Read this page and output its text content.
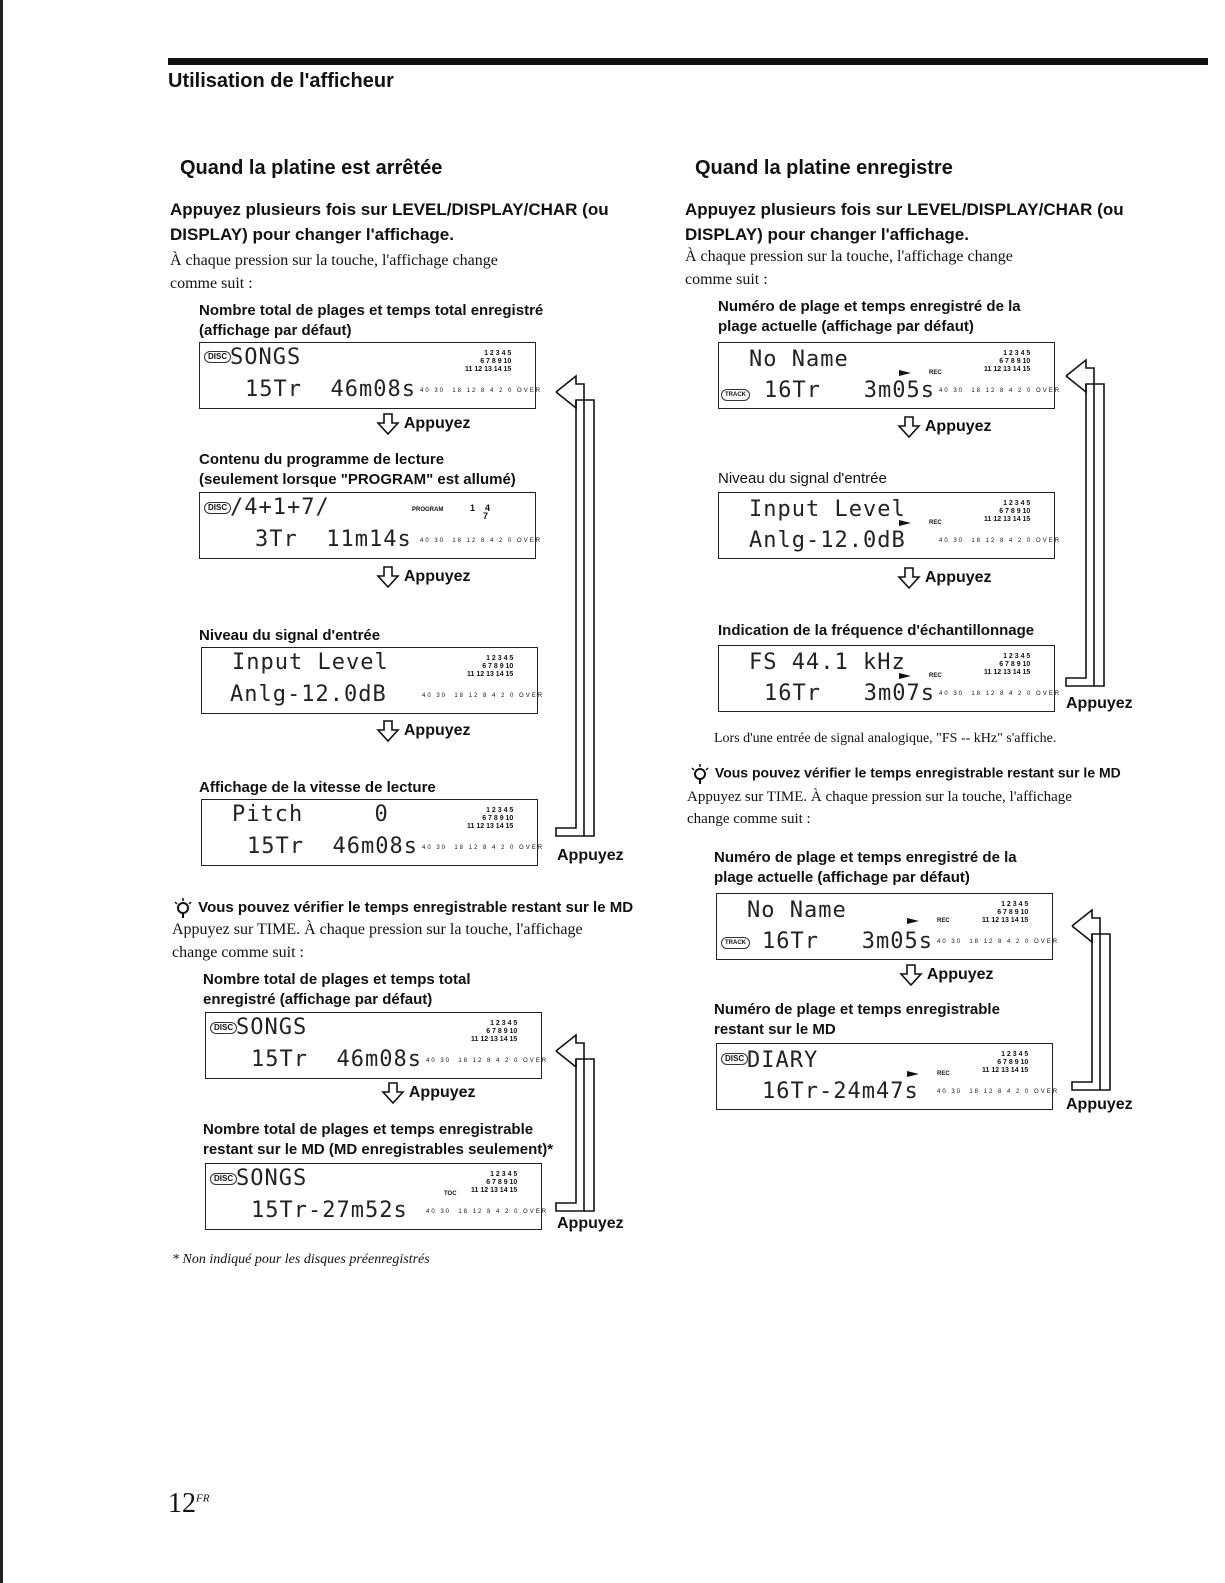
Utilisation de l'afficheur
Quand la platine est arrêtée
Appuyez plusieurs fois sur LEVEL/DISPLAY/CHAR (ou DISPLAY) pour changer l'affichage.
À chaque pression sur la touche, l'affichage change
comme suit :
Nombre total de plages et temps total enregistré
(affichage par défaut)
DISC SONGS	1 2 3 4 5
6 7 8 9 10
11 12 13 14 15
15Tr  46m08s 40 30  18 12 8 4 2 0 OVER
Appuyez
Contenu du programme de lecture
(seulement lorsque "PROGRAM" est allumé)
DISC /4+1+7/	PROGRAM	1    4
7
3Tr  11m14s 40 30  18 12 8 4 2 0 OVER
Appuyez
Niveau du signal d'entrée
Input Level	1 2 3 4 5
6 7 8 9 10
11 12 13 14 15
Anlg-12.0dB	40 30  18 12 8 4 2 0 OVER
Appuyez
Affichage de la vitesse de lecture
Pitch     0	1 2 3 4 5
6 7 8 9 10
11 12 13 14 15
15Tr  46m08s 40 30  18 12 8 4 2 0 OVER Appuyez
Vous pouvez vérifier le temps enregistrable restant sur le MD
Appuyez sur TIME. À chaque pression sur la touche, l'affichage
change comme suit :
Nombre total de plages et temps total
enregistré (affichage par défaut)
DISC SONGS	1 2 3 4 5
6 7 8 9 10
11 12 13 14 15
15Tr  46m08s 40 30  18 12 8 4 2 0 OVER
Appuyez
Nombre total de plages et temps enregistrable
restant sur le MD (MD enregistrables seulement)*
DISC SONGS
TOC
1 2 3 4 5
6 7 8 9 10
11 12 13 14 15
15Tr-27m52s	40 30  18 12 8 4 2 0 OVER
Appuyez
* Non indiqué pour les disques préenregistrés
Quand la platine enregistre
Appuyez plusieurs fois sur LEVEL/DISPLAY/CHAR (ou DISPLAY) pour changer l'affichage.
À chaque pression sur la touche, l'affichage change
comme suit :
Numéro de plage et temps enregistré de la
plage actuelle (affichage par défaut)
No Name
REC
1 2 3 4 5
6 7 8 9 10
11 12 13 14 15
TRACK 16Tr   3m05s 40 30  18 12 8 4 2 0 OVER
Appuyez
Niveau du signal d'entrée
Input Level
REC
1 2 3 4 5
6 7 8 9 10
11 12 13 14 15
Anlg-12.0dB	40 30  18 12 8 4 2 0 OVER
Appuyez
Indication de la fréquence d'échantillonnage
FS 44.1 kHz
REC
1 2 3 4 5
6 7 8 9 10
11 12 13 14 15
16Tr   3m07s 40 30  18 12 8 4 2 0 OVER
Appuyez
Lors d'une entrée de signal analogique, "FS -- kHz" s'affiche.
Vous pouvez vérifier le temps enregistrable restant sur le MD
Appuyez sur TIME. À chaque pression sur la touche, l'affichage
change comme suit :
Numéro de plage et temps enregistré de la
plage actuelle (affichage par défaut)
No Name	REC
1 2 3 4 5
6 7 8 9 10
11 12 13 14 15
TRACK 16Tr   3m05s 40 30  18 12 8 4 2 0 OVER
Appuyez
Numéro de plage et temps enregistrable
restant sur le MD
DISC DIARY
REC
1 2 3 4 5
6 7 8 9 10
11 12 13 14 15
16Tr-24m47s	40 30  18 12 8 4 2 0 OVER
Appuyez
$12^{FR}$
